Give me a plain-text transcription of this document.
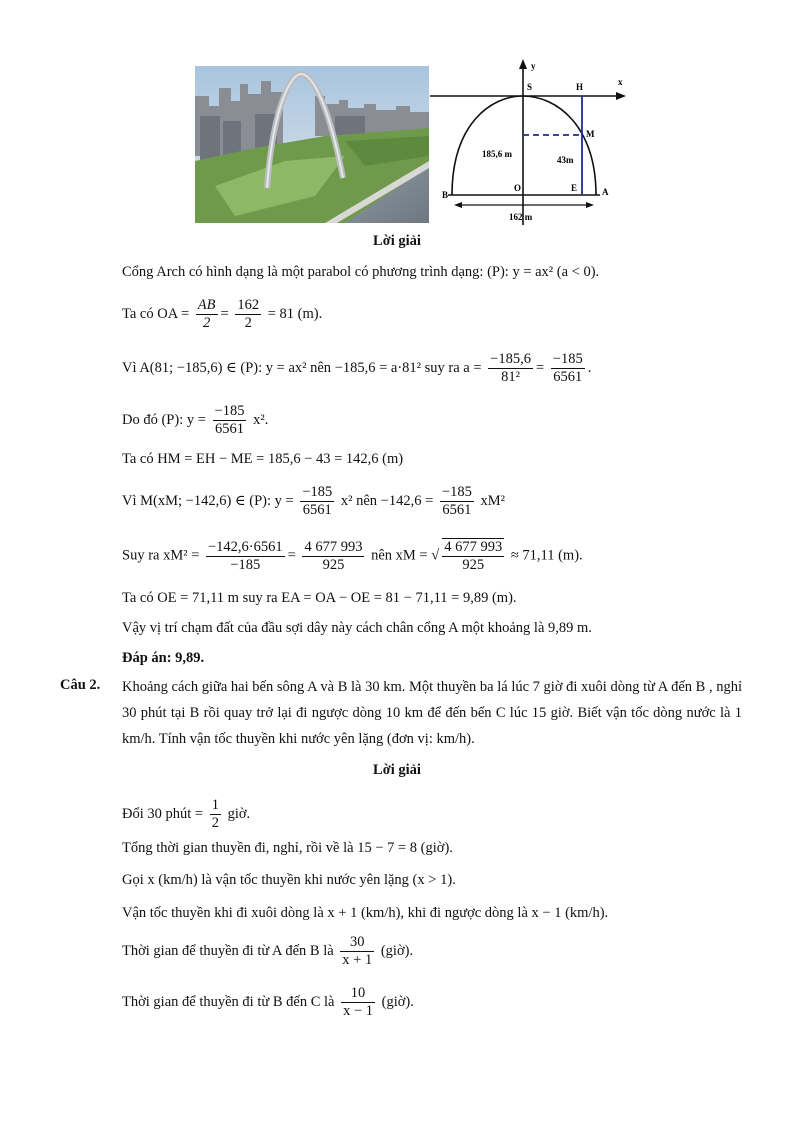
y
x
S	H
M
B
O	E	A
185,6 m
43m
162 m
Lời giải
Cổng Arch có hình dạng là một parabol có phương trình dạng: (P): y = ax² (a < 0).
Ta có OA = $\frac{AB}{2} = \frac{162}{2} = 81$ (m).
Vì A(81; −185,6) ∈ (P): y = ax² nên −185,6 = a·81² suy ra $a = \frac{-185,6}{\text{81²}} = \frac{-185}{6561}$ .
Do đó (P): $y = \frac{-185}{6561} x^2$.
Ta có HM = EH − ME = 185,6 − 43 = 142,6 (m)
Vì M(xM; −142,6) ∈ (P): $y = \frac{-185}{6561} x^2$ nên $-142,6 = \frac{-185}{6561} xM^2$
Suy ra $xM^2 = \frac{-142,6\cdot 6561}{-185} = \frac{4 677 993}{925}$ nên xM = √ $\frac{4 677 993}{925} \approx 71,11$ (m).
Ta có OE = 71,11 m suy ra EA = OA − OE = 81 − 71,11 = 9,89 (m).
Vậy vị trí chạm đất của đầu sợi dây này cách chân cổng A một khoảng là 9,89 m.
Đáp án: 9,89.
Câu 2. Khoảng cách giữa hai bến sông A và B là 30 km. Một thuyền ba lá lúc 7 giờ đi xuôi dòng từ A đến B , nghỉ 30 phút tại B rồi quay trở lại đi ngược dòng 10 km để đến bến C lúc 15 giờ. Biết vận tốc dòng nước là 1 km/h. Tính vận tốc thuyền khi nước yên lặng (đơn vị: km/h).
Lời giải
Đổi 30 phút = $\frac{1}{2}$ giờ.
Tổng thời gian thuyền đi, nghỉ, rồi về là 15 − 7 = 8 (giờ).
Gọi x (km/h) là vận tốc thuyền khi nước yên lặng (x > 1).
Vận tốc thuyền khi đi xuôi dòng là x + 1 (km/h), khi đi ngược dòng là x − 1 (km/h).
Thời gian để thuyền đi từ A đến B là $\frac{30}{x + 1}$ (giờ).
Thời gian để thuyền đi từ B đến C là $\frac{10}{x - 1}$ (giờ).
